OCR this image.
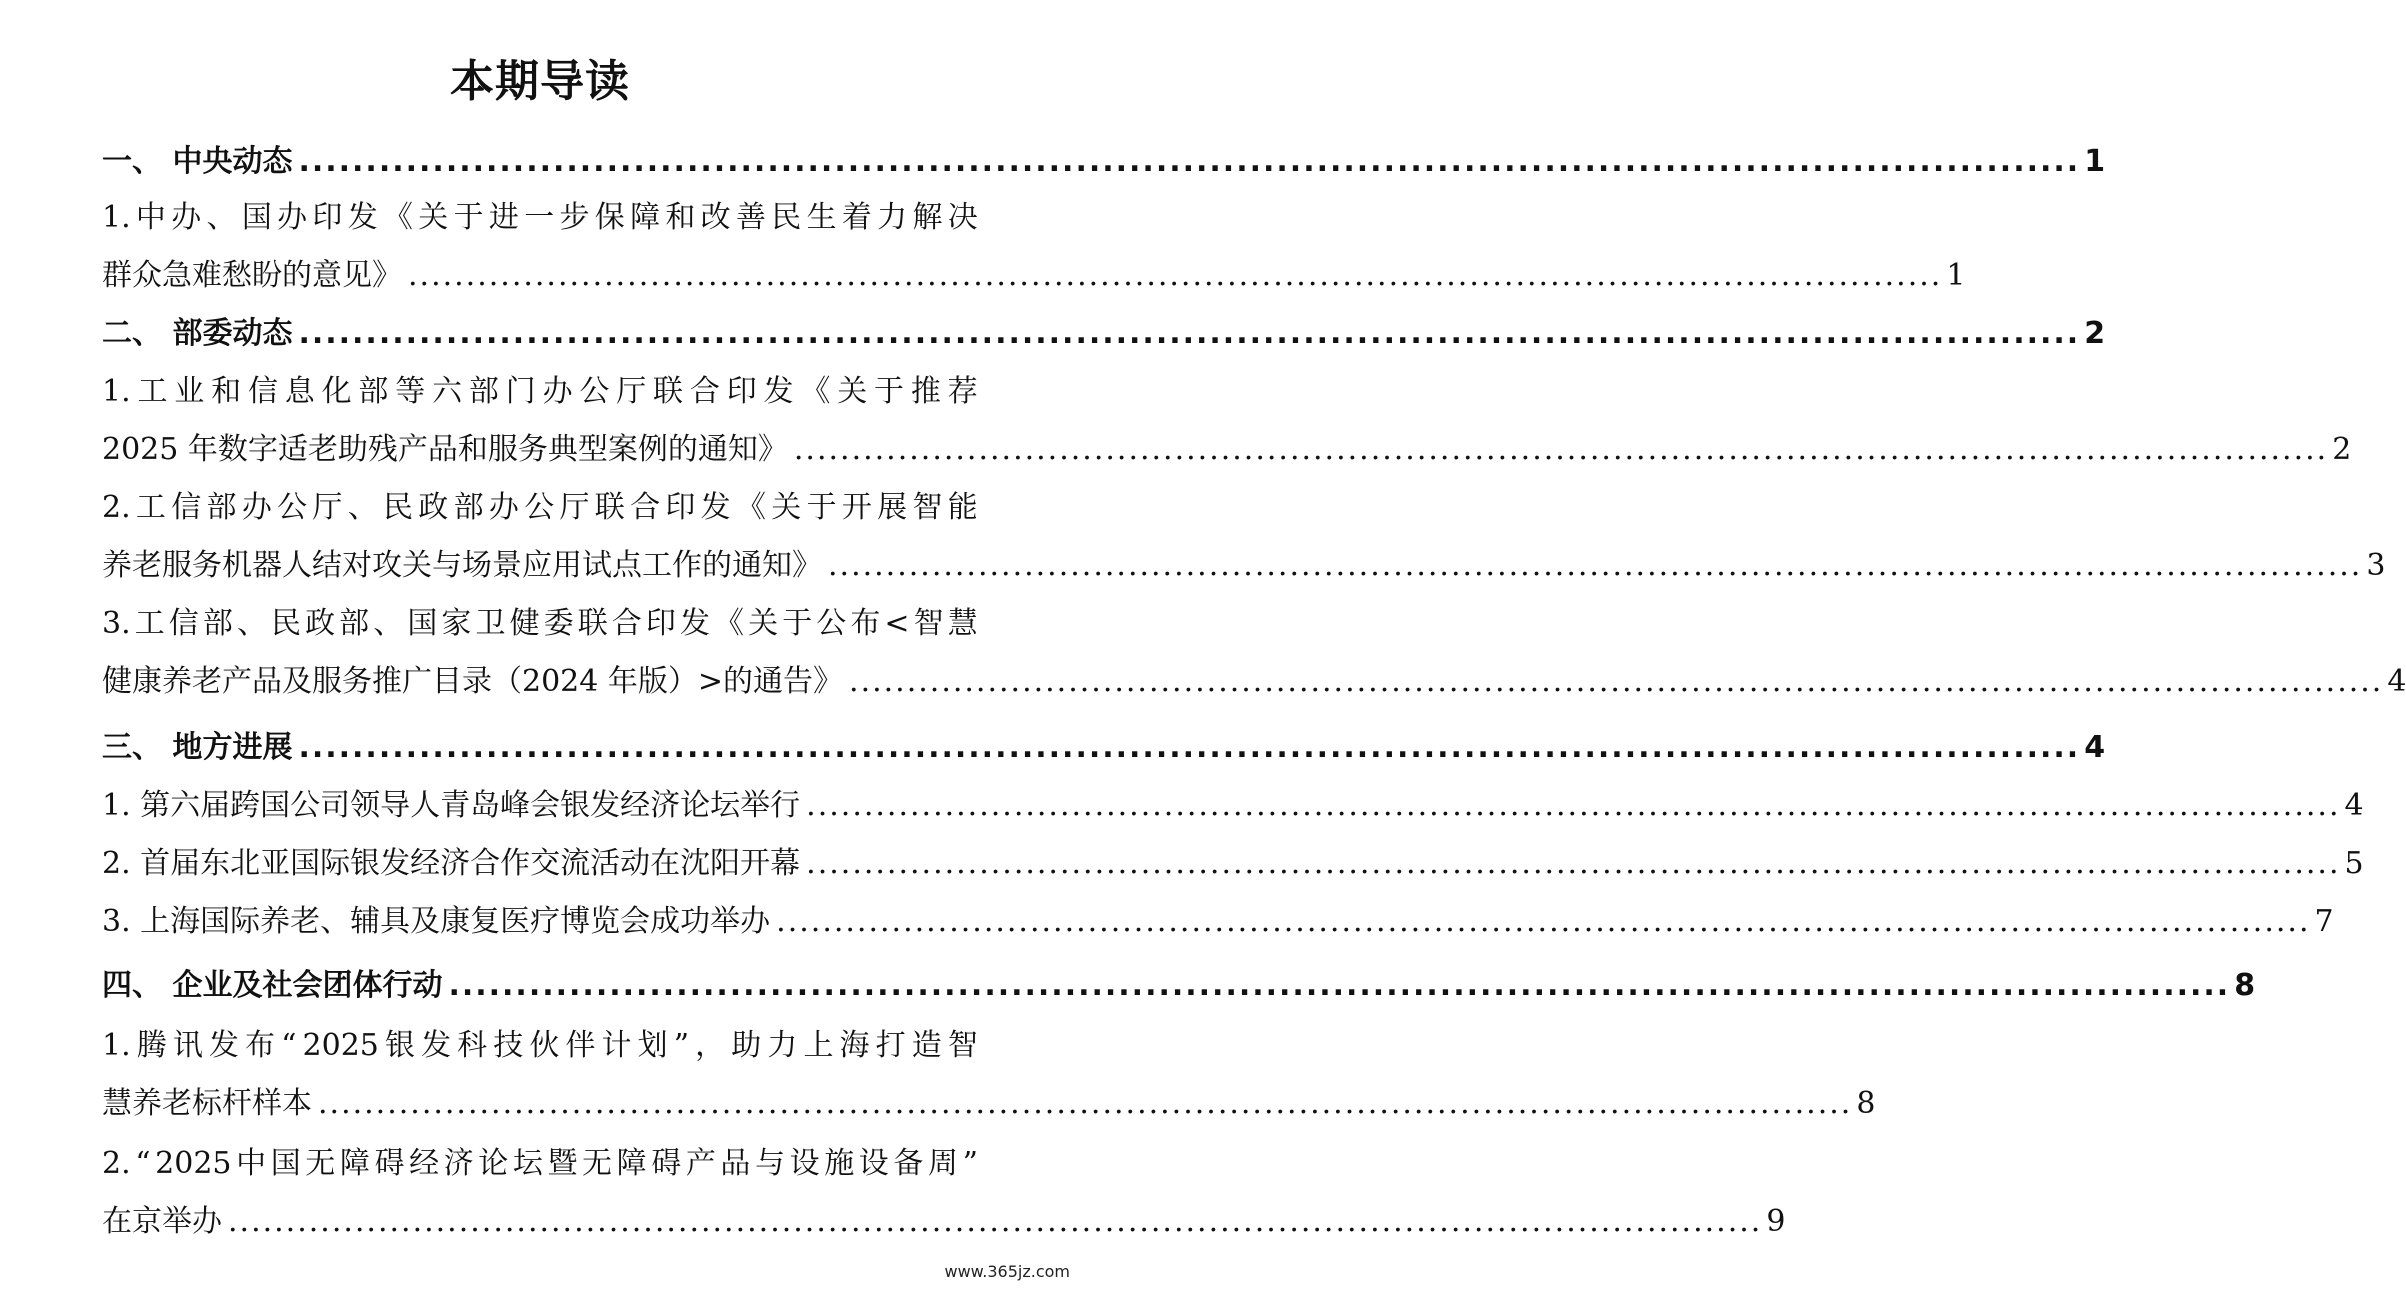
本期导读
一、 中央动态 ..................................................................................................................................... 1
1. 中 办 、 国 办 印 发 《 关 于 进 一 步 保 障 和 改 善 民 生 着 力 解 决
群众急难愁盼的意见》 ..................................................................................................................................... 1
二、 部委动态 ..................................................................................................................................... 2
1. 工 业 和 信 息 化 部 等 六 部 门 办 公 厅 联 合 印 发 《 关 于 推 荐
2025 年数字适老助残产品和服务典型案例的通知》 ..................................................................................................................................... 2
2. 工 信 部 办 公 厅 、 民 政 部 办 公 厅 联 合 印 发 《 关 于 开 展 智 能
养老服务机器人结对攻关与场景应用试点工作的通知》 ..................................................................................................................................... 3
3. 工 信 部 、 民 政 部 、 国 家 卫 健 委 联 合 印 发 《 关 于 公 布 < 智 慧
健康养老产品及服务推广目录（2024 年版）>的通告》 ..................................................................................................................................... 4
三、 地方进展 ..................................................................................................................................... 4
1. 第六届跨国公司领导人青岛峰会银发经济论坛举行 ..................................................................................................................................... 4
2. 首届东北亚国际银发经济合作交流活动在沈阳开幕 ..................................................................................................................................... 5
3. 上海国际养老、辅具及康复医疗博览会成功举办 ..................................................................................................................................... 7
四、 企业及社会团体行动 ..................................................................................................................................... 8
1. 腾 讯 发 布 “ 2025 银 发 科 技 伙 伴 计 划 ” ， 助 力 上 海 打 造 智
慧养老标杆样本 ..................................................................................................................................... 8
2. “ 2025 中 国 无 障 碍 经 济 论 坛 暨 无 障 碍 产 品 与 设 施 设 备 周 ”
在京举办 ..................................................................................................................................... 9
www.365jz.com
